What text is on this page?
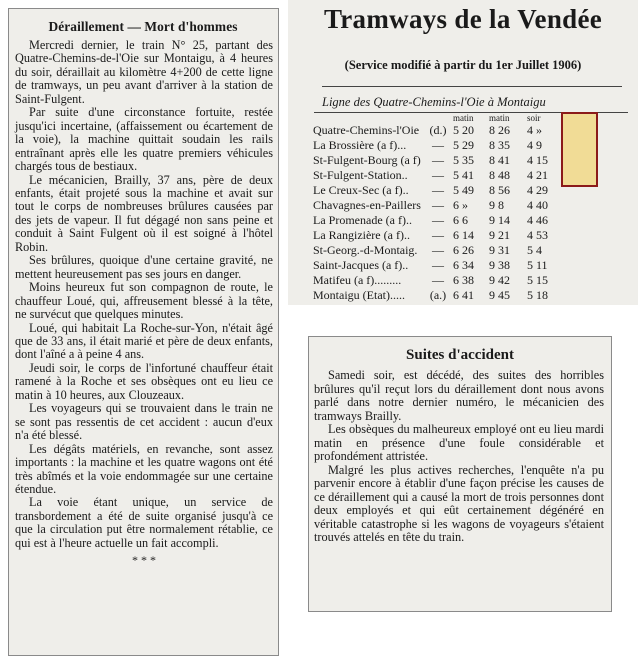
Déraillement — Mort d'hommes

Mercredi dernier, le train N° 25, partant des Quatre-Chemins-de-l'Oie sur Montaigu, à 4 heures du soir, déraillait au kilomètre 4+200 de cette ligne de tramways, un peu avant d'arriver à la station de Saint-Fulgent.

Par suite d'une circonstance fortuite, restée jusqu'ici incertaine, (affaissement ou écartement de la voie), la machine quittait soudain les rails entraînant après elle les quatre premiers véhicules chargés tous de bestiaux.

Le mécanicien, Brailly, 37 ans, père de deux enfants, était projeté sous la machine et avait sur tout le corps de nombreuses brûlures causées par des jets de vapeur. Il fut dégagé non sans peine et conduit à Saint Fulgent où il est soigné à l'hôtel Robin.

Ses brûlures, quoique d'une certaine gravité, ne mettent heureusement pas ses jours en danger.

Moins heureux fut son compagnon de route, le chauffeur Loué, qui, affreusement blessé à la tête, ne survécut que quelques minutes.

Loué, qui habitait La Roche-sur-Yon, n'était âgé que de 33 ans, il était marié et père de deux enfants, dont l'aîné a à peine 4 ans.

Jeudi soir, le corps de l'infortuné chauffeur était ramené à la Roche et ses obsèques ont eu lieu ce matin à 10 heures, aux Clouzeaux.

Les voyageurs qui se trouvaient dans le train ne se sont pas ressentis de cet accident : aucun d'eux n'a été blessé.

Les dégâts matériels, en revanche, sont assez importants : la machine et les quatre wagons ont été très abîmés et la voie endommagée sur une certaine étendue.

La voie étant unique, un service de transbordement a été de suite organisé jusqu'à ce que la circulation put être normalement rétablie, ce qui est à l'heure actuelle un fait accompli.

* * *
Tramways de la Vendée
(Service modifié à partir du 1er Juillet 1906)
Ligne des Quatre-Chemins-l'Oie à Montaigu
		matin	matin	soir
Quatre-Chemins-l'Oie	(d.)	5 20	8 26	4 »
La Brossière (a f)...	—	5 29	8 35	4 9
St-Fulgent-Bourg (a f)	—	5 35	8 41	4 15
St-Fulgent-Station..	—	5 41	8 48	4 21
Le Creux-Sec (a f)..	—	5 49	8 56	4 29
Chavagnes-en-Paillers	—	6 »	9 8	4 40
La Promenade (a f)..	—	6 6	9 14	4 46
La Rangizière (a f)..	—	6 14	9 21	4 53
St-Georg.-d-Montaig.	—	6 26	9 31	5 4
Saint-Jacques (a f)..	—	6 34	9 38	5 11
Matifeu (a f).........	—	6 38	9 42	5 15
Montaigu (Etat).....	(a.)	6 41	9 45	5 18
Suites d'accident

Samedi soir, est décédé, des suites des horribles brûlures qu'il reçut lors du déraillement dont nous avons parlé dans notre dernier numéro, le mécanicien des tramways Brailly.

Les obsèques du malheureux employé ont eu lieu mardi matin en présence d'une foule considérable et profondément attristée.

Malgré les plus actives recherches, l'enquête n'a pu parvenir encore à établir d'une façon précise les causes de ce déraillement qui a causé la mort de trois personnes dont deux employés et qui eût certainement dégénéré en véritable catastrophe si les wagons de voyageurs s'étaient trouvés attelés en tête du train.
